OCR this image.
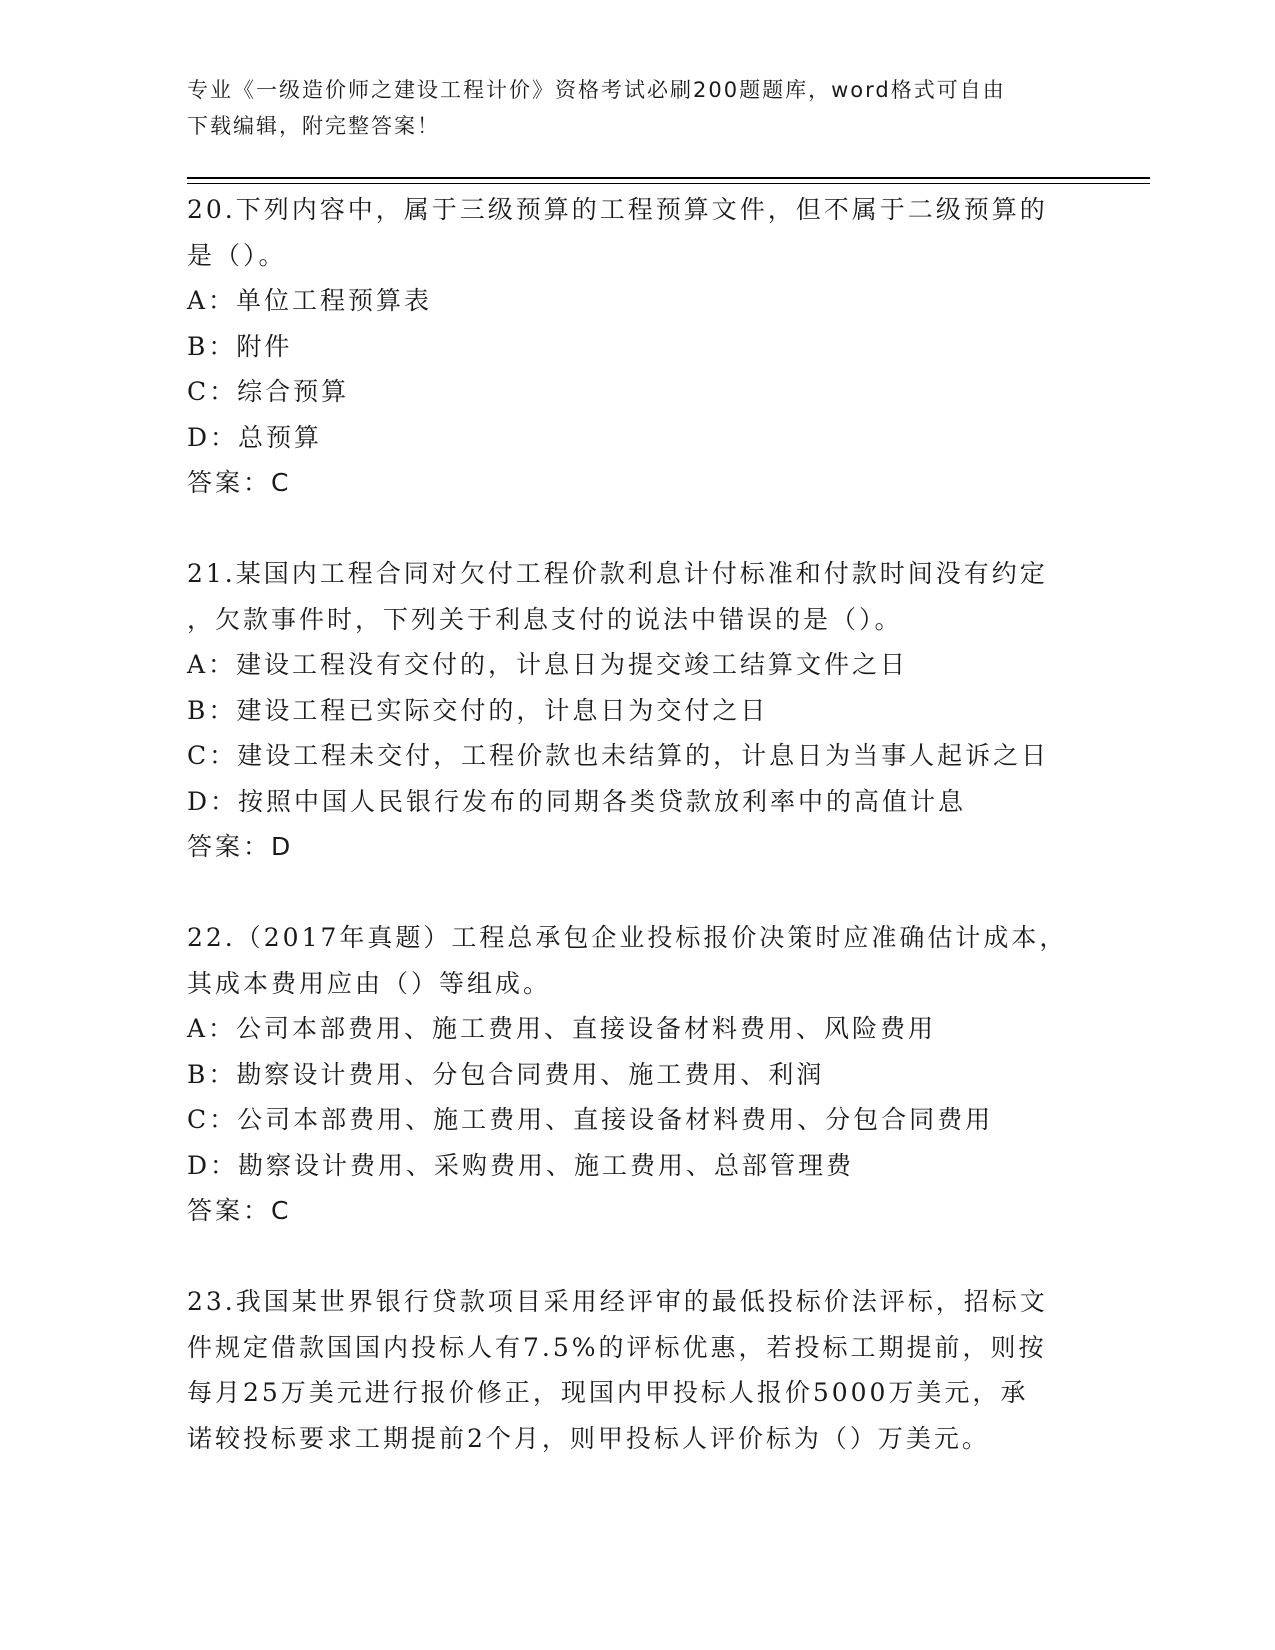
专业《一级造价师之建设工程计价》资格考试必刷200题题库，word格式可自由
下载编辑，附完整答案！

20.下列内容中，属于三级预算的工程预算文件，但不属于二级预算的

是（）。

A：单位工程预算表

B：附件

C：综合预算

D：总预算

答案：C

21.某国内工程合同对欠付工程价款利息计付标准和付款时间没有约定

，欠款事件时，下列关于利息支付的说法中错误的是（）。

A：建设工程没有交付的，计息日为提交竣工结算文件之日

B：建设工程已实际交付的，计息日为交付之日

C：建设工程未交付，工程价款也未结算的，计息日为当事人起诉之日

D：按照中国人民银行发布的同期各类贷款放利率中的高值计息

答案：D

22.（2017年真题）工程总承包企业投标报价决策时应准确估计成本，

其成本费用应由（）等组成。

A：公司本部费用、施工费用、直接设备材料费用、风险费用

B：勘察设计费用、分包合同费用、施工费用、利润

C：公司本部费用、施工费用、直接设备材料费用、分包合同费用

D：勘察设计费用、采购费用、施工费用、总部管理费

答案：C

23.我国某世界银行贷款项目采用经评审的最低投标价法评标，招标文

件规定借款国国内投标人有7.5%的评标优惠，若投标工期提前，则按

每月25万美元进行报价修正，现国内甲投标人报价5000万美元，承

诺较投标要求工期提前2个月，则甲投标人评价标为（）万美元。
